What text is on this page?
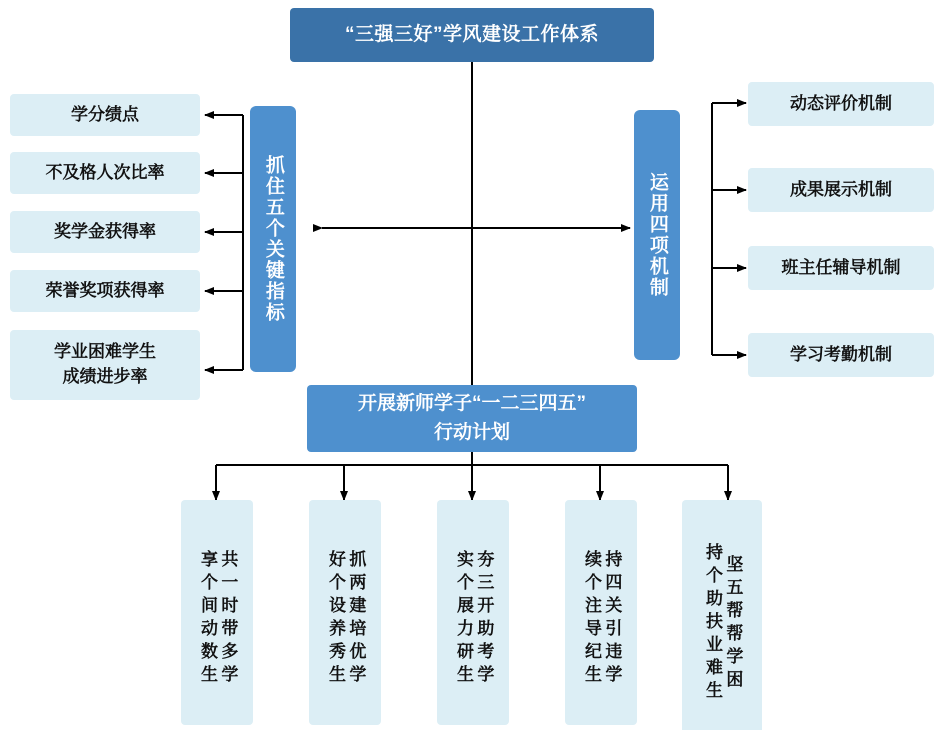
“三强三好”学风建设工作体系
抓住五个关键指标	运用四项机制
学分绩点
不及格人次比率
奖学金获得率
荣誉奖项获得率
学业困难学生
成绩进步率
动态评价机制
成果展示机制
班主任辅导机制
学习考勤机制
开展新师学子“一二三四五”
行动计划
共一时带多学
享个间动数生	抓两建培优学
好个设养秀生	夯三开助考学
实个展力研生	持四关引违学
续个注导纪生	坚五帮帮学困
持个助扶业难生
